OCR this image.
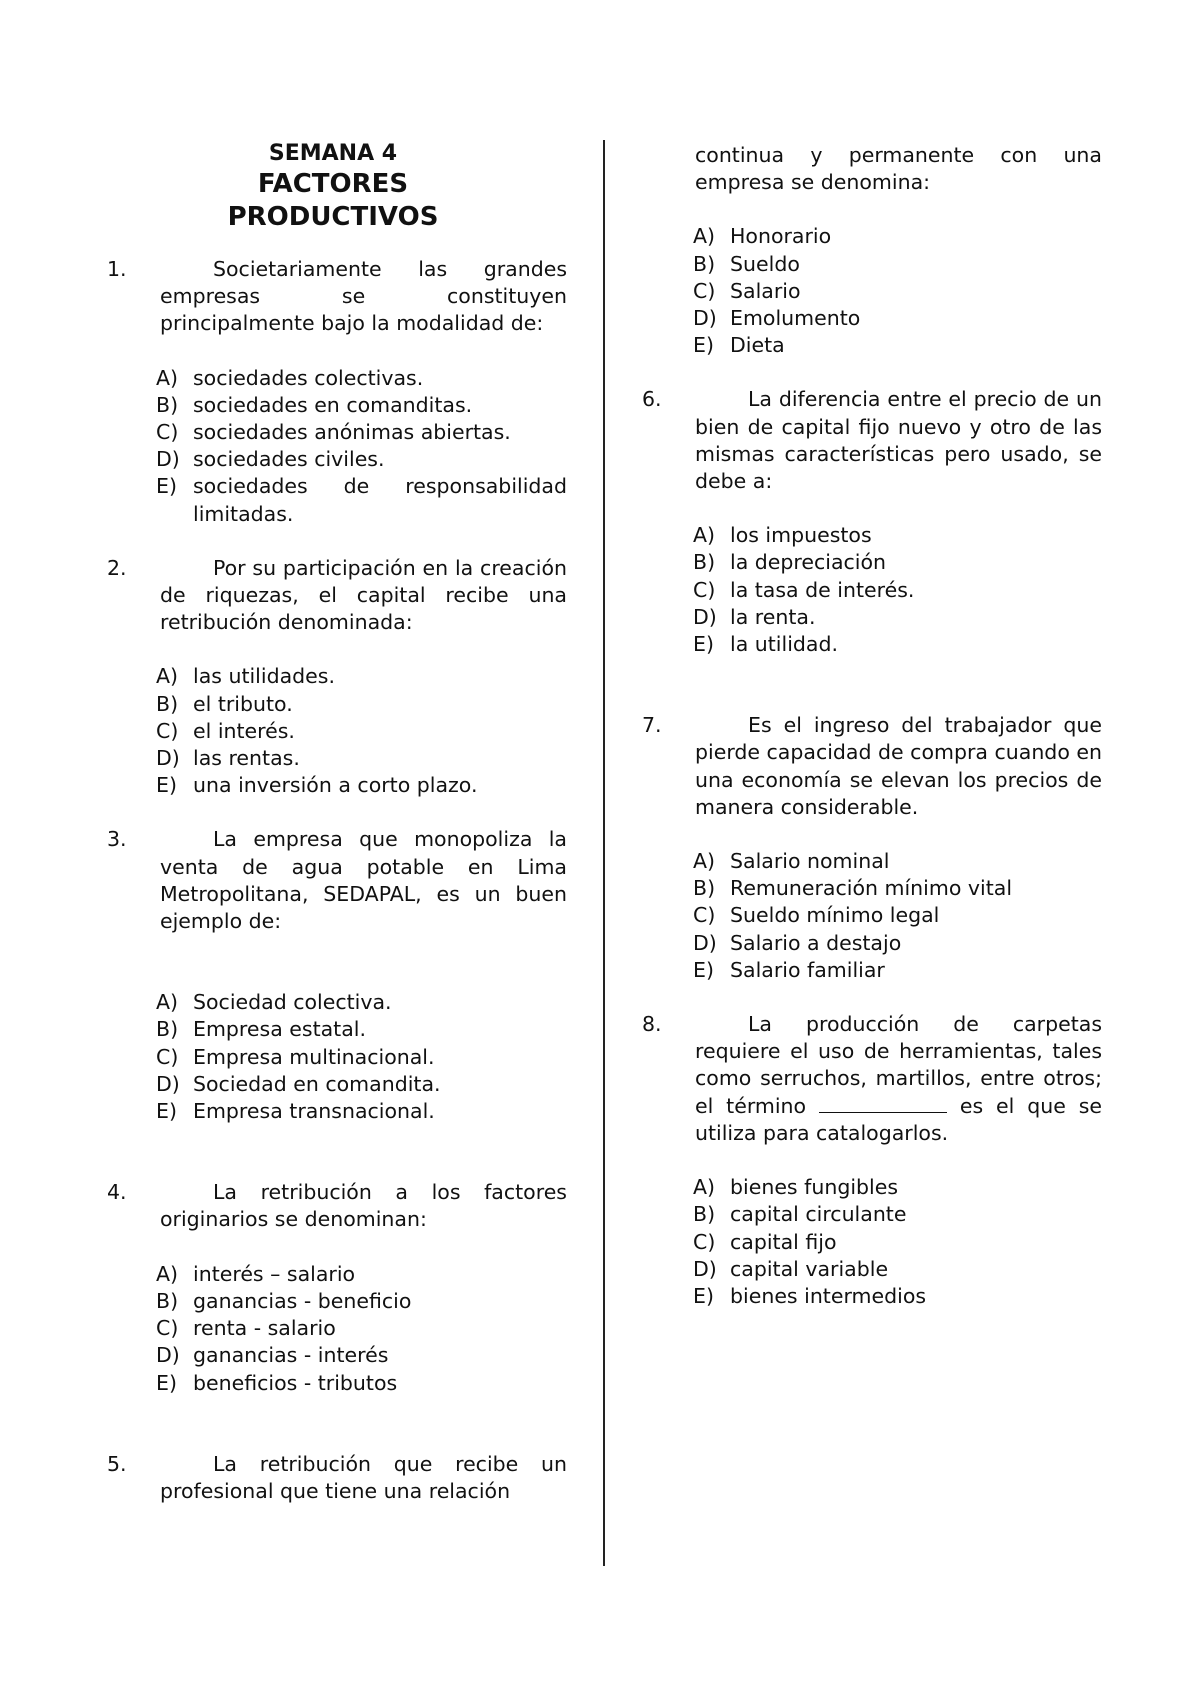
SEMANA 4
FACTORES
PRODUCTIVOS
1.	Societariamente las grandes empresas se constituyen principalmente bajo la modalidad de:
A) sociedades colectivas.
B) sociedades en comanditas.
C) sociedades anónimas abiertas.
D) sociedades civiles.
E) sociedades de responsabilidad limitadas.
2.	Por su participación en la creación de riquezas, el capital recibe una retribución denominada:
A) las utilidades.
B) el tributo.
C) el interés.
D) las rentas.
E) una inversión a corto plazo.
3.	La empresa que monopoliza la venta de agua potable en Lima Metropolitana, SEDAPAL, es un buen ejemplo de:
A) Sociedad colectiva.
B) Empresa estatal.
C) Empresa multinacional.
D) Sociedad en comandita.
E) Empresa transnacional.
4.	La retribución a los factores originarios se denominan:
A) interés – salario
B) ganancias - beneficio
C) renta - salario
D) ganancias - interés
E) beneficios - tributos
5.	La retribución que recibe un profesional que tiene una relación
continua y permanente con una empresa se denomina:
A) Honorario
B) Sueldo
C) Salario
D) Emolumento
E) Dieta
6.	La diferencia entre el precio de un bien de capital fijo nuevo y otro de las mismas características pero usado, se debe a:
A) los impuestos
B) la depreciación
C) la tasa de interés.
D) la renta.
E) la utilidad.
7.	Es el ingreso del trabajador que pierde capacidad de compra cuando en una economía se elevan los precios de manera considerable.
A) Salario nominal
B) Remuneración mínimo vital
C) Sueldo mínimo legal
D) Salario a destajo
E) Salario familiar
8.	La producción de carpetas requiere el uso de herramientas, tales como serruchos, martillos, entre otros; el término	es el que se utiliza para catalogarlos.
A) bienes fungibles
B) capital circulante
C) capital fijo
D) capital variable
E) bienes intermedios
